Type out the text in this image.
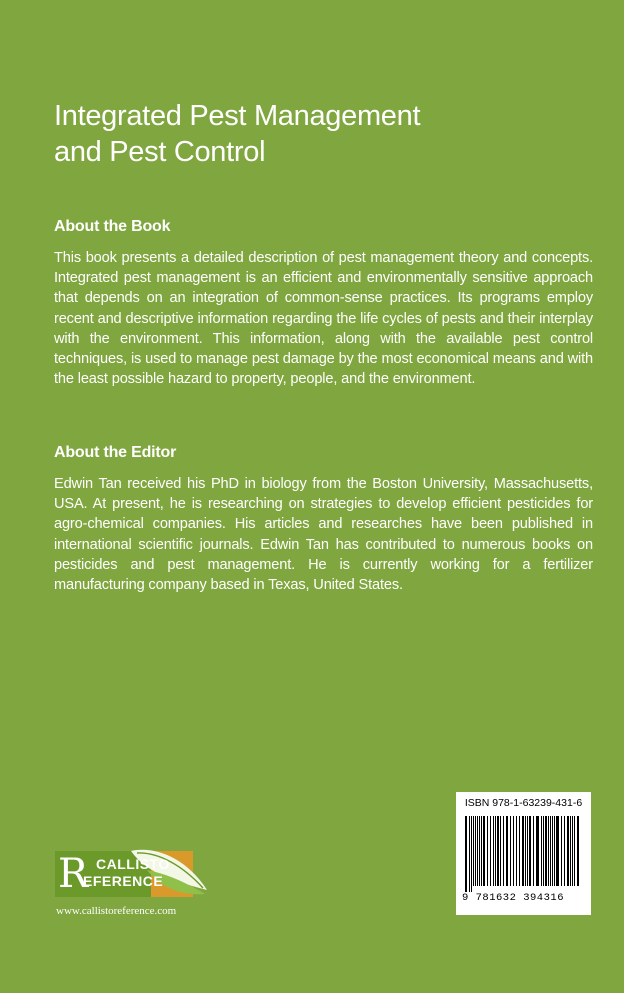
Integrated Pest Management
and Pest Control
About the Book

This book presents a detailed description of pest management theory and concepts. Integrated pest management is an efficient and environmentally sensitive approach that depends on an integration of common-sense practices. Its programs employ recent and descriptive information regarding the life cycles of pests and their interplay with the environment. This information, along with the available pest control techniques, is used to manage pest damage by the most economical means and with the least possible hazard to property, people, and the environment.

About the Editor

Edwin Tan received his PhD in biology from the Boston University, Massachusetts, USA. At present, he is researching on strategies to develop efficient pesticides for agro-chemical companies. His articles and researches have been published in international scientific journals. Edwin Tan has contributed to numerous books on pesticides and pest management. He is currently working for a fertilizer manufacturing company based in Texas, United States.

ISBN 978-1-63239-431-6
9 781632 394316
R CALLISTO
EFERENCE
www.callistoreference.com
